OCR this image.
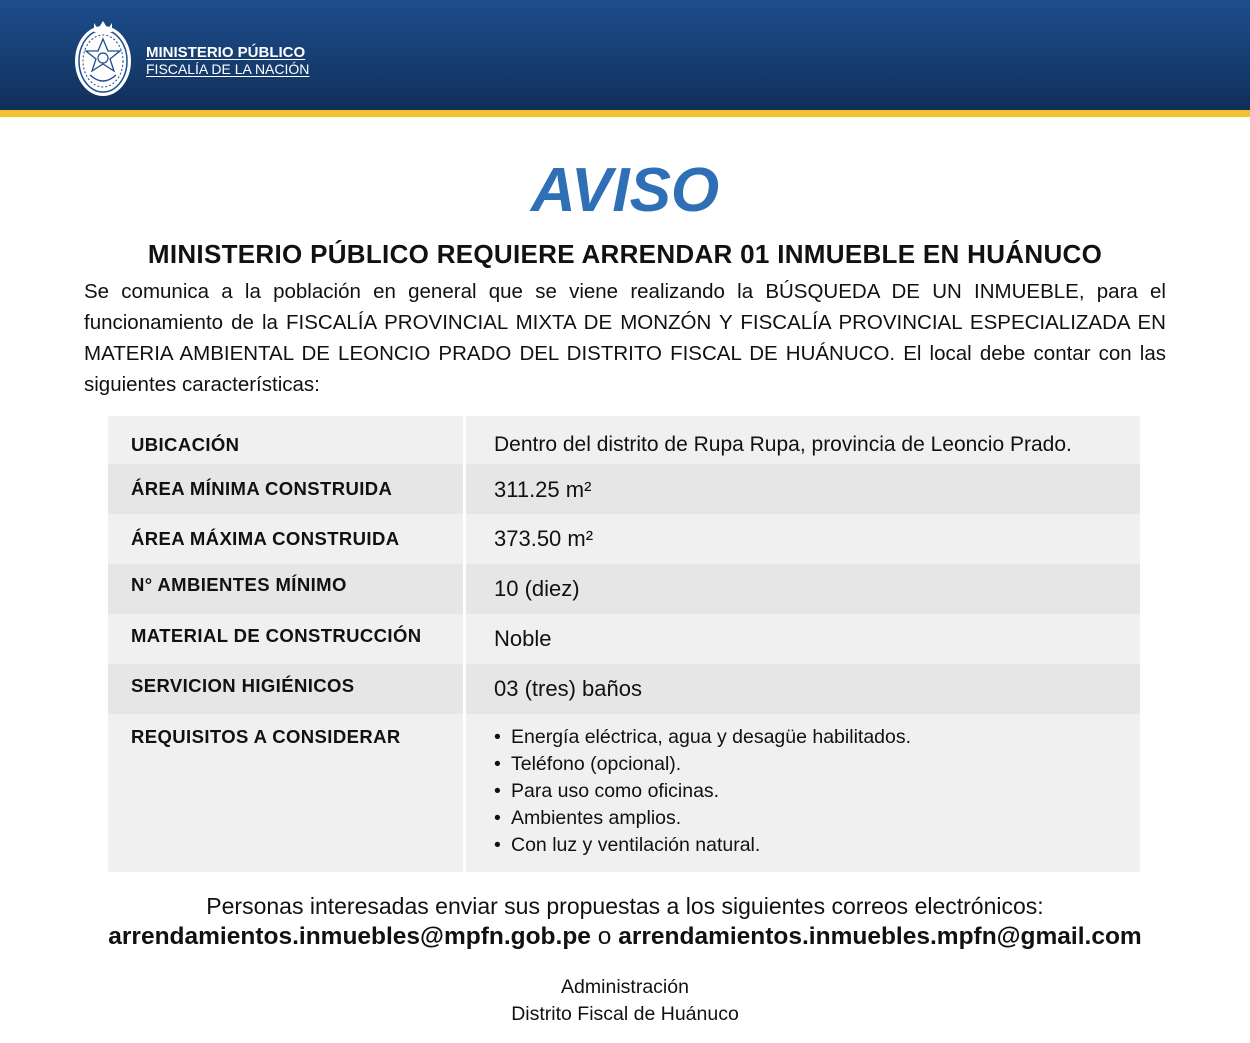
MINISTERIO PÚBLICO
FISCALÍA DE LA NACIÓN
AVISO
MINISTERIO PÚBLICO REQUIERE ARRENDAR 01 INMUEBLE EN HUÁNUCO

Se comunica a la población en general que se viene realizando la BÚSQUEDA DE UN INMUEBLE, para el funcionamiento de la FISCALÍA PROVINCIAL MIXTA DE MONZÓN Y FISCALÍA PROVINCIAL ESPECIALIZADA EN MATERIA AMBIENTAL DE LEONCIO PRADO DEL DISTRITO FISCAL DE HUÁNUCO. El local debe contar con las siguientes características:

UBICACIÓN	Dentro del distrito de Rupa Rupa, provincia de Leoncio Prado.
ÁREA MÍNIMA CONSTRUIDA	311.25 m²
ÁREA MÁXIMA CONSTRUIDA	373.50 m²
N° AMBIENTES MÍNIMO	10 (diez)
MATERIAL DE CONSTRUCCIÓN	Noble
SERVICION HIGIÉNICOS	03 (tres) baños
REQUISITOS A CONSIDERAR	• Energía eléctrica, agua y desagüe habilitados.
• Teléfono (opcional).
• Para uso como oficinas.
• Ambientes amplios.
• Con luz y ventilación natural.
Personas interesadas enviar sus propuestas a los siguientes correos electrónicos:
arrendamientos.inmuebles@mpfn.gob.pe o arrendamientos.inmuebles.mpfn@gmail.com
Administración
Distrito Fiscal de Huánuco
